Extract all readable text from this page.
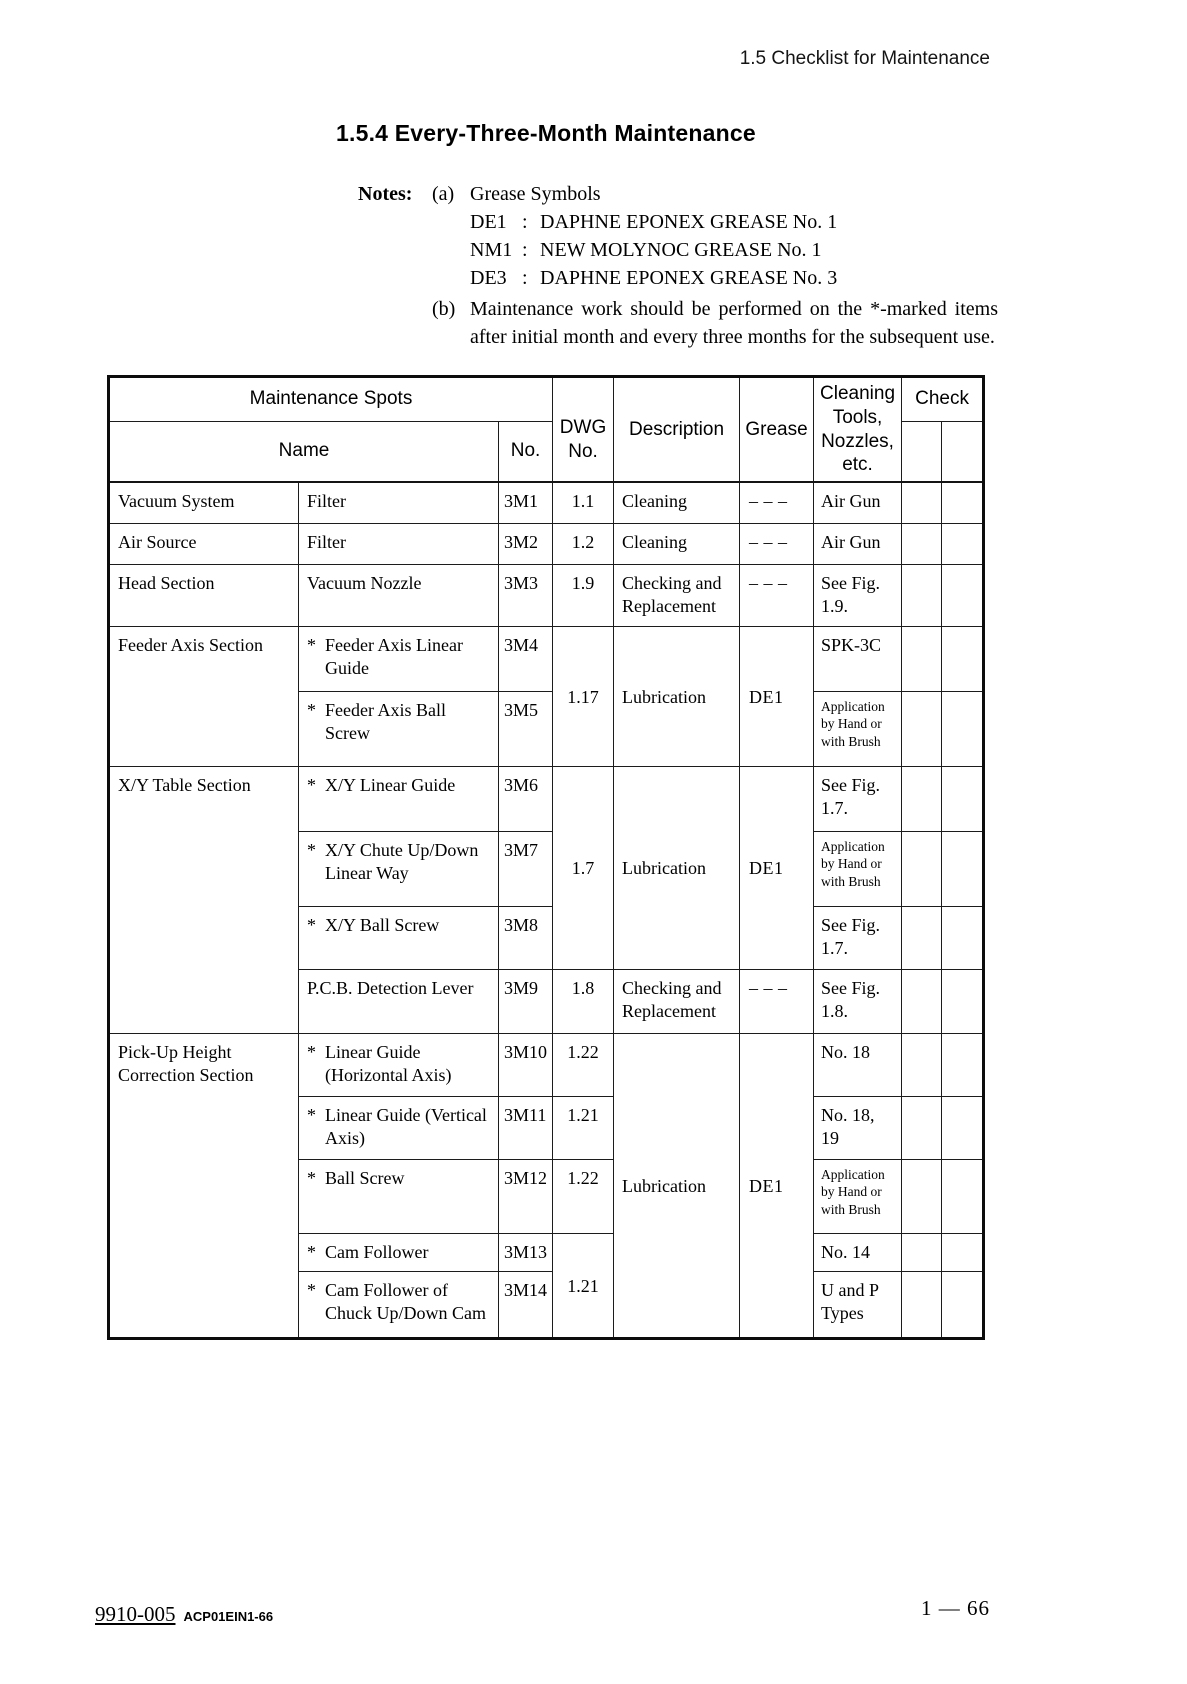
1.5 Checklist for Maintenance
1.5.4 Every-Three-Month Maintenance
Notes: (a) Grease Symbols
DE1 : DAPHNE EPONEX GREASE No. 1
NM1 : NEW MOLYNOC GREASE No. 1
DE3 : DAPHNE EPONEX GREASE No. 3
(b) Maintenance work should be performed on the *-marked items after initial month and every three months for the subsequent use.
Maintenance Spots			DWG No.	Description	Grease	Cleaning Tools, Nozzles, etc.	Check	
Name		No.						
Vacuum System	Filter	3M1	1.1	Cleaning	– – –	Air Gun		
Air Source	Filter	3M2	1.2	Cleaning	– – –	Air Gun		
Head Section	Vacuum Nozzle	3M3	1.9	Checking and Replacement	– – –	See Fig. 1.9.		
Feeder Axis Section	* Feeder Axis Linear Guide	3M4	1.17	Lubrication	DE1	SPK-3C		

	* Feeder Axis Ball Screw	3M5				Application by Hand or with Brush		
X/Y Table Section	* X/Y Linear Guide	3M6	1.7	Lubrication	DE1	See Fig. 1.7.		

	* X/Y Chute Up/Down Linear Way	3M7				Application by Hand or with Brush		

	* X/Y Ball Screw	3M8				See Fig. 1.7.		

	P.C.B. Detection Lever	3M9	1.8	Checking and Replacement	– – –	See Fig. 1.8.		
Pick-Up Height Correction Section	* Linear Guide (Horizontal Axis)	3M10	1.22	Lubrication	DE1	No. 18		

	* Linear Guide (Vertical Axis)	3M11	1.21			No. 18, 19		

	* Ball Screw	3M12	1.22			Application by Hand or with Brush		

	* Cam Follower	3M13	1.21			No. 14		

	* Cam Follower of Chuck Up/Down Cam	3M14				U and P Types		
9910-005 ACP01EIN1-66	1 — 66
